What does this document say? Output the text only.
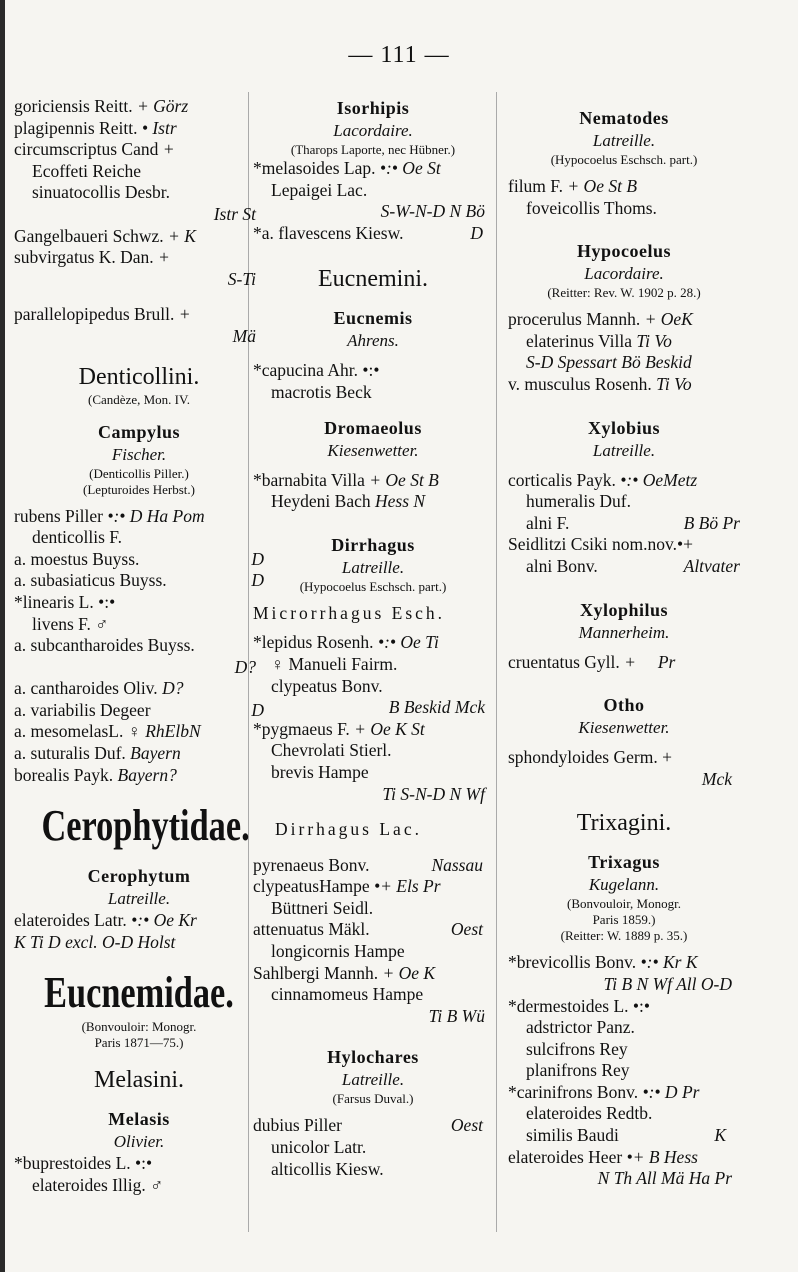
— 111 —
goriciensis Reitt. + Görz
plagipennis Reitt. • Istr
circumscriptus Cand +
Ecoffeti Reiche
sinuatocollis Desbr.
Istr St
Gangelbaueri Schwz. + K
subvirgatus K. Dan. +
S-Ti
parallelopipedus Brull. +
Mä
Denticollini.
(Candèze, Mon. IV.
Campylus
Fischer.
(Denticollis Piller.)
(Lepturoides Herbst.)
rubens Piller •:• D Ha Pom
denticollis F.
a. moestus Buyss.	D
a. subasiaticus Buyss.	D
*linearis L. •:•
livens F. ♂
a. subcantharoides Buyss.
D?
a. cantharoides Oliv. D?
a. variabilis Degeer	D
a. mesomelasL. ♀ RhElbN
a. suturalis Duf. Bayern
borealis Payk. Bayern?
Cerophytidae.
Cerophytum
Latreille.
elateroides Latr. •:• Oe Kr
K Ti D excl. O-D Holst
Eucnemidae.
(Bonvouloir: Monogr.
Paris 1871—75.)
Melasini.
Melasis
Olivier.
*buprestoides L. •:•
elateroides Illig. ♂
Isorhipis
Lacordaire.
(Tharops Laporte, nec Hübner.)
*melasoides Lap. •:• Oe St
Lepaigei Lac.
S-W-N-D N Bö
*a. flavescens Kiesw.	D
Eucnemini.
Eucnemis
Ahrens.
*capucina Ahr. •:•
macrotis Beck
Dromaeolus
Kiesenwetter.
*barnabita Villa + Oe St B
Heydeni Bach Hess N
Dirrhagus
Latreille.
(Hypocoelus Eschsch. part.)
Microrrhagus Esch.
*lepidus Rosenh. •:• Oe Ti
♀ Manueli Fairm.
clypeatus Bonv.
B Beskid Mck
*pygmaeus F. + Oe K St
Chevrolati Stierl.
brevis Hampe
Ti S-N-D N Wf
Dirrhagus Lac.
pyrenaeus Bonv.	Nassau
clypeatusHampe •+ Els Pr
Büttneri Seidl.
attenuatus Mäkl.	Oest
longicornis Hampe
Sahlbergi Mannh. + Oe K
cinnamomeus Hampe
Ti B Wü
Hylochares
Latreille.
(Farsus Duval.)
dubius Piller	Oest
unicolor Latr.
alticollis Kiesw.
Nematodes
Latreille.
(Hypocoelus Eschsch. part.)
filum F. + Oe St B
foveicollis Thoms.
Hypocoelus
Lacordaire.
(Reitter: Rev. W. 1902 p. 28.)
procerulus Mannh. + OeK
elaterinus Villa Ti Vo
S-D Spessart Bö Beskid
v. musculus Rosenh. Ti Vo
Xylobius
Latreille.
corticalis Payk. •:• OeMetz
humeralis Duf.
alni F.	B Bö Pr
Seidlitzi Csiki nom.nov.•+
alni Bonv.	Altvater
Xylophilus
Mannerheim.
cruentatus Gyll. +     Pr
Otho
Kiesenwetter.
sphondyloides Germ. +
Mck
Trixagini.
Trixagus
Kugelann.
(Bonvouloir, Monogr.
Paris 1859.)
(Reitter: W. 1889 p. 35.)
*brevicollis Bonv. •:• Kr K
Ti B N Wf All O-D
*dermestoides L. •:•
adstrictor Panz.
sulcifrons Rey
planifrons Rey
*carinifrons Bonv. •:• D Pr
elateroides Redtb.
similis Baudi	K
elateroides Heer •+ B Hess
N Th All Mä Ha Pr
